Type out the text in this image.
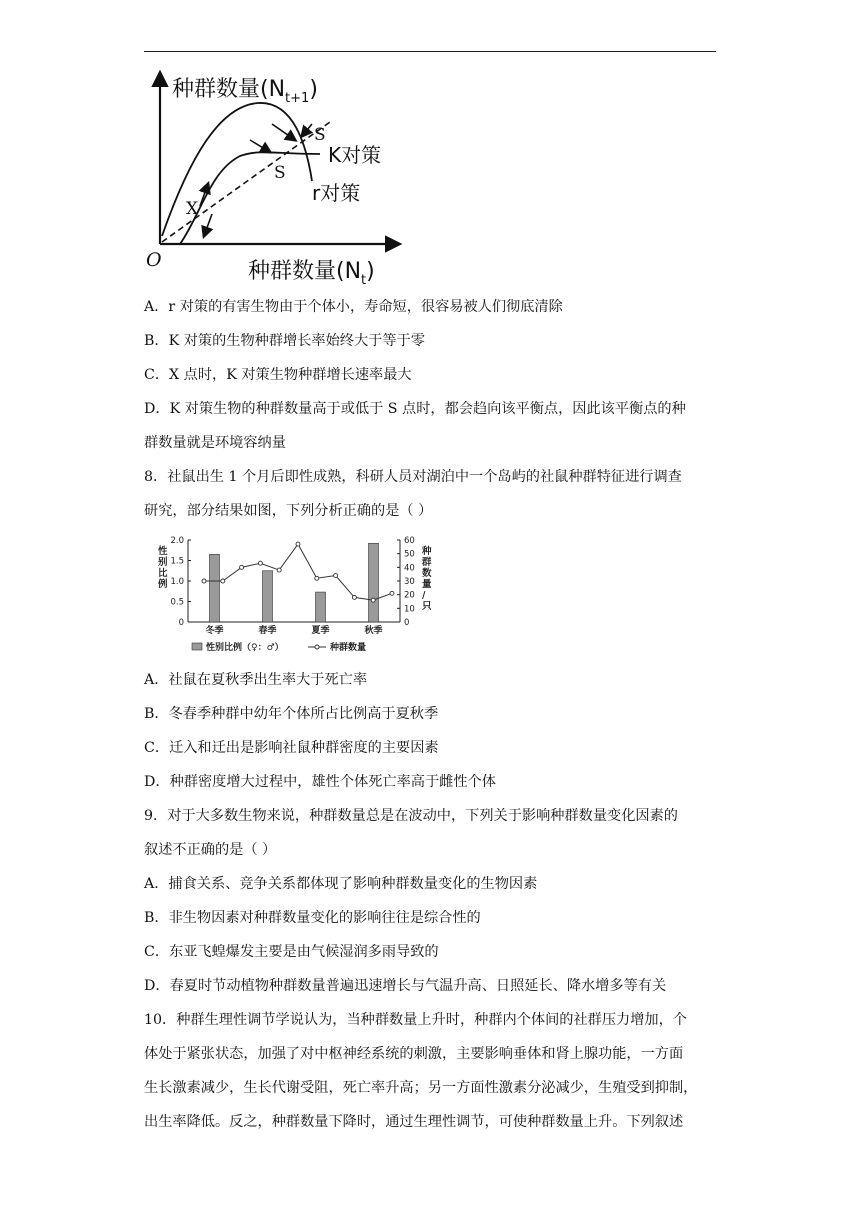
种群数量$(N_{t+1})$
种群数量$(N_t)$
O
S
S
K对策
r对策
X
A．r 对策的有害生物由于个体小，寿命短，很容易被人们彻底清除
B．K 对策的生物种群增长率始终大于等于零
C．X 点时，K 对策生物种群增长速率最大
D．K 对策生物的种群数量高于或低于 S 点时，都会趋向该平衡点，因此该平衡点的种
群数量就是环境容纳量
8．社鼠出生 1 个月后即性成熟，科研人员对湖泊中一个岛屿的社鼠种群特征进行调查
研究，部分结果如图，下列分析正确的是（ ）
2.0
1.5
1.0
0.5
0
60
50
40
30
20
10
0
性
别
比
例
种
群
数
量
/
只
冬季	春季	夏季	秋季
性别比例（♀：♂）	种群数量
A．社鼠在夏秋季出生率大于死亡率
B．冬春季种群中幼年个体所占比例高于夏秋季
C．迁入和迁出是影响社鼠种群密度的主要因素
D．种群密度增大过程中，雄性个体死亡率高于雌性个体
9．对于大多数生物来说，种群数量总是在波动中，下列关于影响种群数量变化因素的
叙述不正确的是（ ）
A．捕食关系、竞争关系都体现了影响种群数量变化的生物因素
B．非生物因素对种群数量变化的影响往往是综合性的
C．东亚飞蝗爆发主要是由气候湿润多雨导致的
D．春夏时节动植物种群数量普遍迅速增长与气温升高、日照延长、降水增多等有关
10．种群生理性调节学说认为，当种群数量上升时，种群内个体间的社群压力增加，个
体处于紧张状态，加强了对中枢神经系统的刺激，主要影响垂体和肾上腺功能，一方面
生长激素减少，生长代谢受阻，死亡率升高；另一方面性激素分泌减少，生殖受到抑制，
出生率降低。反之，种群数量下降时，通过生理性调节，可使种群数量上升。下列叙述
